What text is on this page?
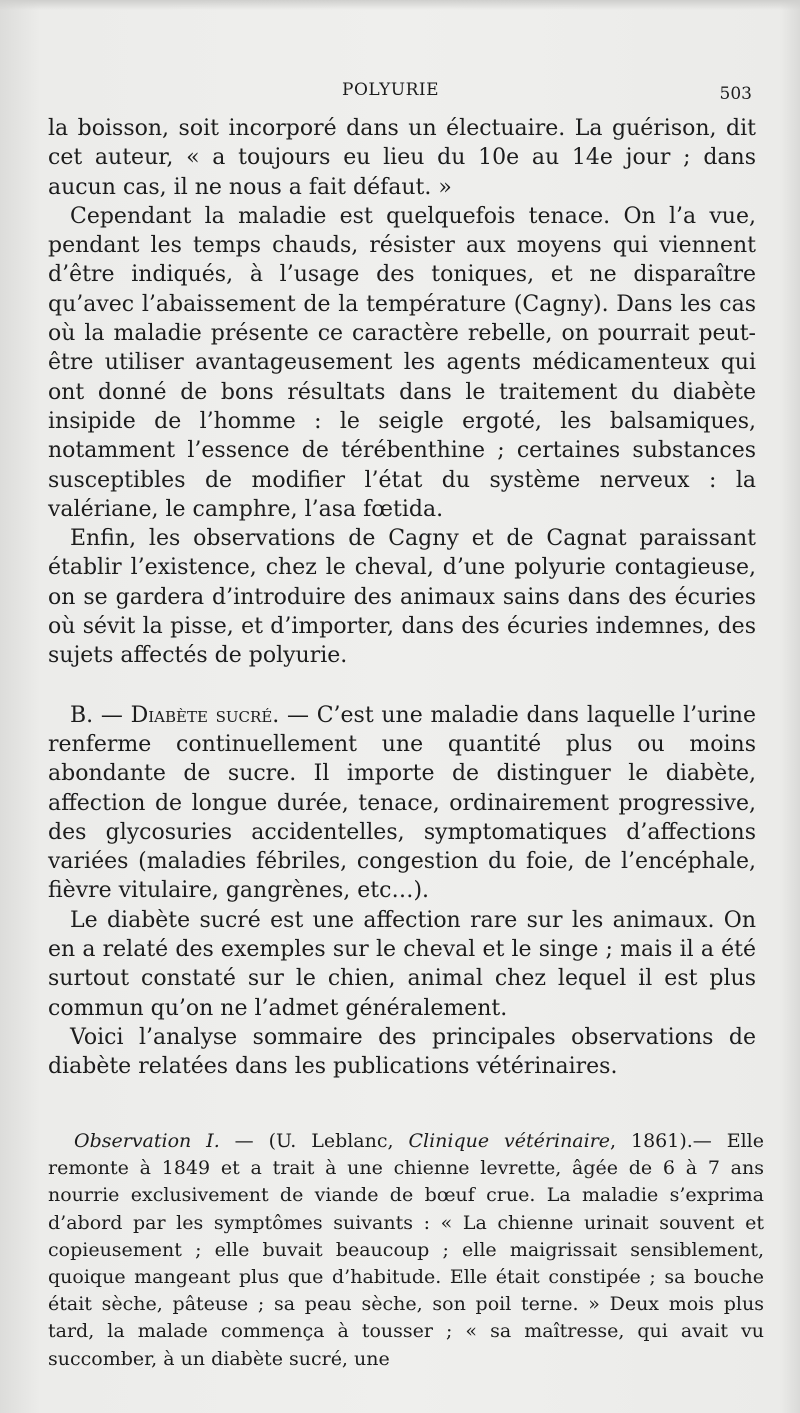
POLYURIE	503

la boisson, soit incorporé dans un électuaire. La guérison, dit cet auteur, « a toujours eu lieu du 10e au 14e jour ; dans aucun cas, il ne nous a fait défaut. »

Cependant la maladie est quelquefois tenace. On l’a vue, pendant les temps chauds, résister aux moyens qui viennent d’être indiqués, à l’usage des toniques, et ne disparaître qu’avec l’abaissement de la température (Cagny). Dans les cas où la maladie présente ce caractère rebelle, on pourrait peut-être utiliser avantageusement les agents médicamenteux qui ont donné de bons résultats dans le traitement du diabète insipide de l’homme : le seigle ergoté, les balsamiques, notamment l’essence de térébenthine ; certaines substances susceptibles de modifier l’état du système nerveux : la valériane, le camphre, l’asa fœtida.

Enfin, les observations de Cagny et de Cagnat paraissant établir l’existence, chez le cheval, d’une polyurie contagieuse, on se gardera d’introduire des animaux sains dans des écuries où sévit la pisse, et d’importer, dans des écuries indemnes, des sujets affectés de polyurie.

B. — Diabète sucré. — C’est une maladie dans laquelle l’urine renferme continuellement une quantité plus ou moins abondante de sucre. Il importe de distinguer le diabète, affection de longue durée, tenace, ordinairement progressive, des glycosuries accidentelles, symptomatiques d’affections variées (maladies fébriles, congestion du foie, de l’encéphale, fièvre vitulaire, gangrènes, etc…).

Le diabète sucré est une affection rare sur les animaux. On en a relaté des exemples sur le cheval et le singe ; mais il a été surtout constaté sur le chien, animal chez lequel il est plus commun qu’on ne l’admet généralement.

Voici l’analyse sommaire des principales observations de diabète relatées dans les publications vétérinaires.

Observation I. — (U. Leblanc, Clinique vétérinaire, 1861).— Elle remonte à 1849 et a trait à une chienne levrette, âgée de 6 à 7 ans nourrie exclusivement de viande de bœuf crue. La maladie s’exprima d’abord par les symptômes suivants : « La chienne urinait souvent et copieusement ; elle buvait beaucoup ; elle maigrissait sensiblement, quoique mangeant plus que d’habitude. Elle était constipée ; sa bouche était sèche, pâteuse ; sa peau sèche, son poil terne. » Deux mois plus tard, la malade commença à tousser ; « sa maîtresse, qui avait vu succomber, à un diabète sucré, une
